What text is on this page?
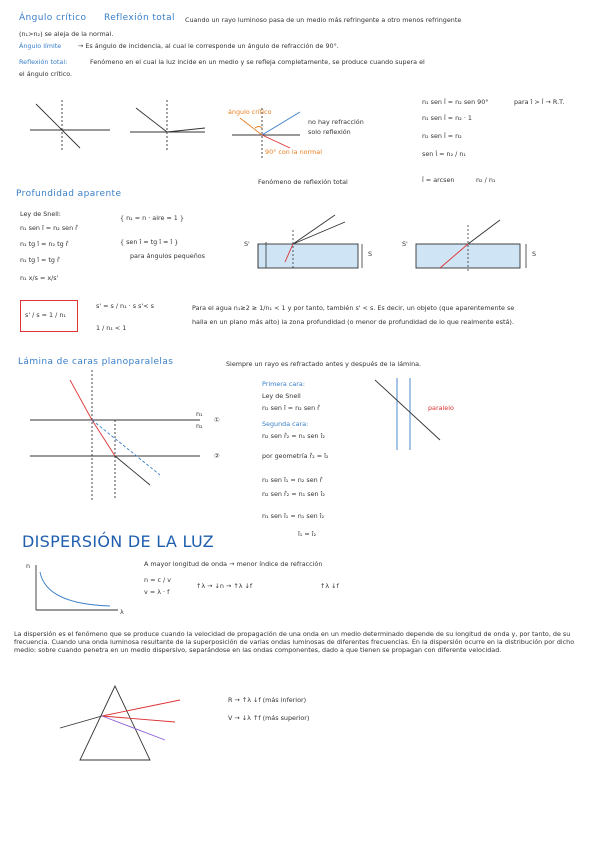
Ángulo crítico Reflexión total Cuando un rayo luminoso pasa de un medio más refringente a otro menos refringente
(n₁>n₂) se aleja de la normal.
Ángulo límite	→ Es ángulo de incidencia, al cual le corresponde un ángulo de refracción de 90°.
Reflexión total:	Fenómeno en el cual la luz incide en un medio y se refleja completamente, se produce cuando supera el
el ángulo crítico.
ángulo crítico
90° con la normal
no hay refracción
solo reflexión
Fenómeno de reflexión total
n₁ sen l̂ = n₂ sen 90°	para î > l̂ → R.T.
n₁ sen l̂ = n₂ · 1
n₁ sen l̂ = n₂
sen l̂ = n₂ / n₁
l̂ = arcsen	n₂ / n₁
Profundidad aparente
Ley de Snell:
n₁ sen î = n₂ sen r̂
n₁ tg î ≈ n₂ tg r̂
n₁ tg î = tg r̂
n₁ x/s = x/s'
s' / s = 1 / n₁
{ n₁ = n · aire ≈ 1 }
{ sen î ≈ tg î ≈ î }
para ángulos pequeños
s' = s / n₁ · s s'< s
1 / n₁ < 1
Para el agua n₁≥2 ≥ 1/n₁ < 1 y por tanto, también s' < s. Es decir, un objeto (que aparentemente se
halla en un plano más alto) la zona profundidad (o menor de profundidad de lo que realmente está).
S
S'
S
S'
Lámina de caras planoparalelas	Siempre un rayo es refractado antes y después de la lámina.
n₁
n₂
①
②
Primera cara:
Ley de Snell
n₁ sen î = n₂ sen r̂
Segunda cara:
n₂ sen r̂₂ = n₁ sen î₂
por geometría r̂₂ = î₂
n₁ sen î₁ = n₂ sen r̂
n₂ sen r̂₂ = n₁ sen î₂
n₁ sen î₁ = n₁ sen î₂
î₁ = î₂
paralelo
DISPERSIÓN DE LA LUZ
n
λ
A mayor longitud de onda → menor índice de refracción
n = c / v
v = λ · f
↑λ → ↓n → ↑λ ↓f	↑λ ↓f
La dispersión es el fenómeno que se produce cuando la velocidad de propagación de una onda en un medio determinado depende de su longitud de onda y, por tanto, de su frecuencia. Cuando una onda luminosa resultante de la superposición de varias ondas luminosas de diferentes frecuencias. En la dispersión ocurre en la distribución por dicho medio: sobre cuando penetra en un medio dispersivo, separándose en las ondas componentes, dado a que tienen se propagan con diferente velocidad.
R → ↑λ ↓f (más inferior)
V → ↓λ ↑f (más superior)
